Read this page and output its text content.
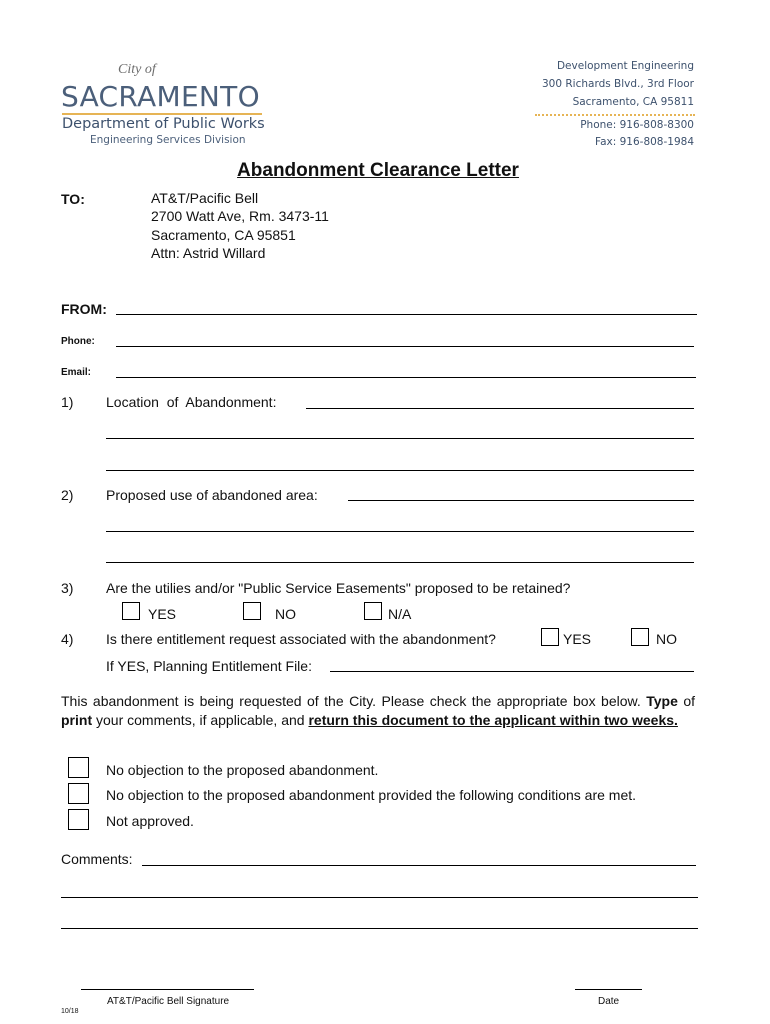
City of
SACRAMENTO
Department of Public Works
Engineering Services Division
Development Engineering
300 Richards Blvd., 3rd Floor
Sacramento, CA 95811
Phone: 916-808-8300
Fax: 916-808-1984
Abandonment Clearance Letter
TO:	AT&T/Pacific Bell
2700 Watt Ave, Rm. 3473-11
Sacramento, CA 95851
Attn: Astrid Willard
FROM:
Phone:
Email:
1) Location  of  Abandonment:
2) Proposed use of abandoned area:
3) Are the utilies and/or "Public Service Easements" proposed to be retained?
YES	NO	N/A
4) Is there entitlement request associated with the abandonment?	YES	NO
If YES, Planning Entitlement File:
This abandonment is being requested of the City. Please check the appropriate box below. Type of print your comments, if applicable, and return this document to the applicant within two weeks.
No objection to the proposed abandonment.
No objection to the proposed abandonment provided the following conditions are met.
Not approved.
Comments:
AT&T/Pacific Bell Signature	Date
10/18
